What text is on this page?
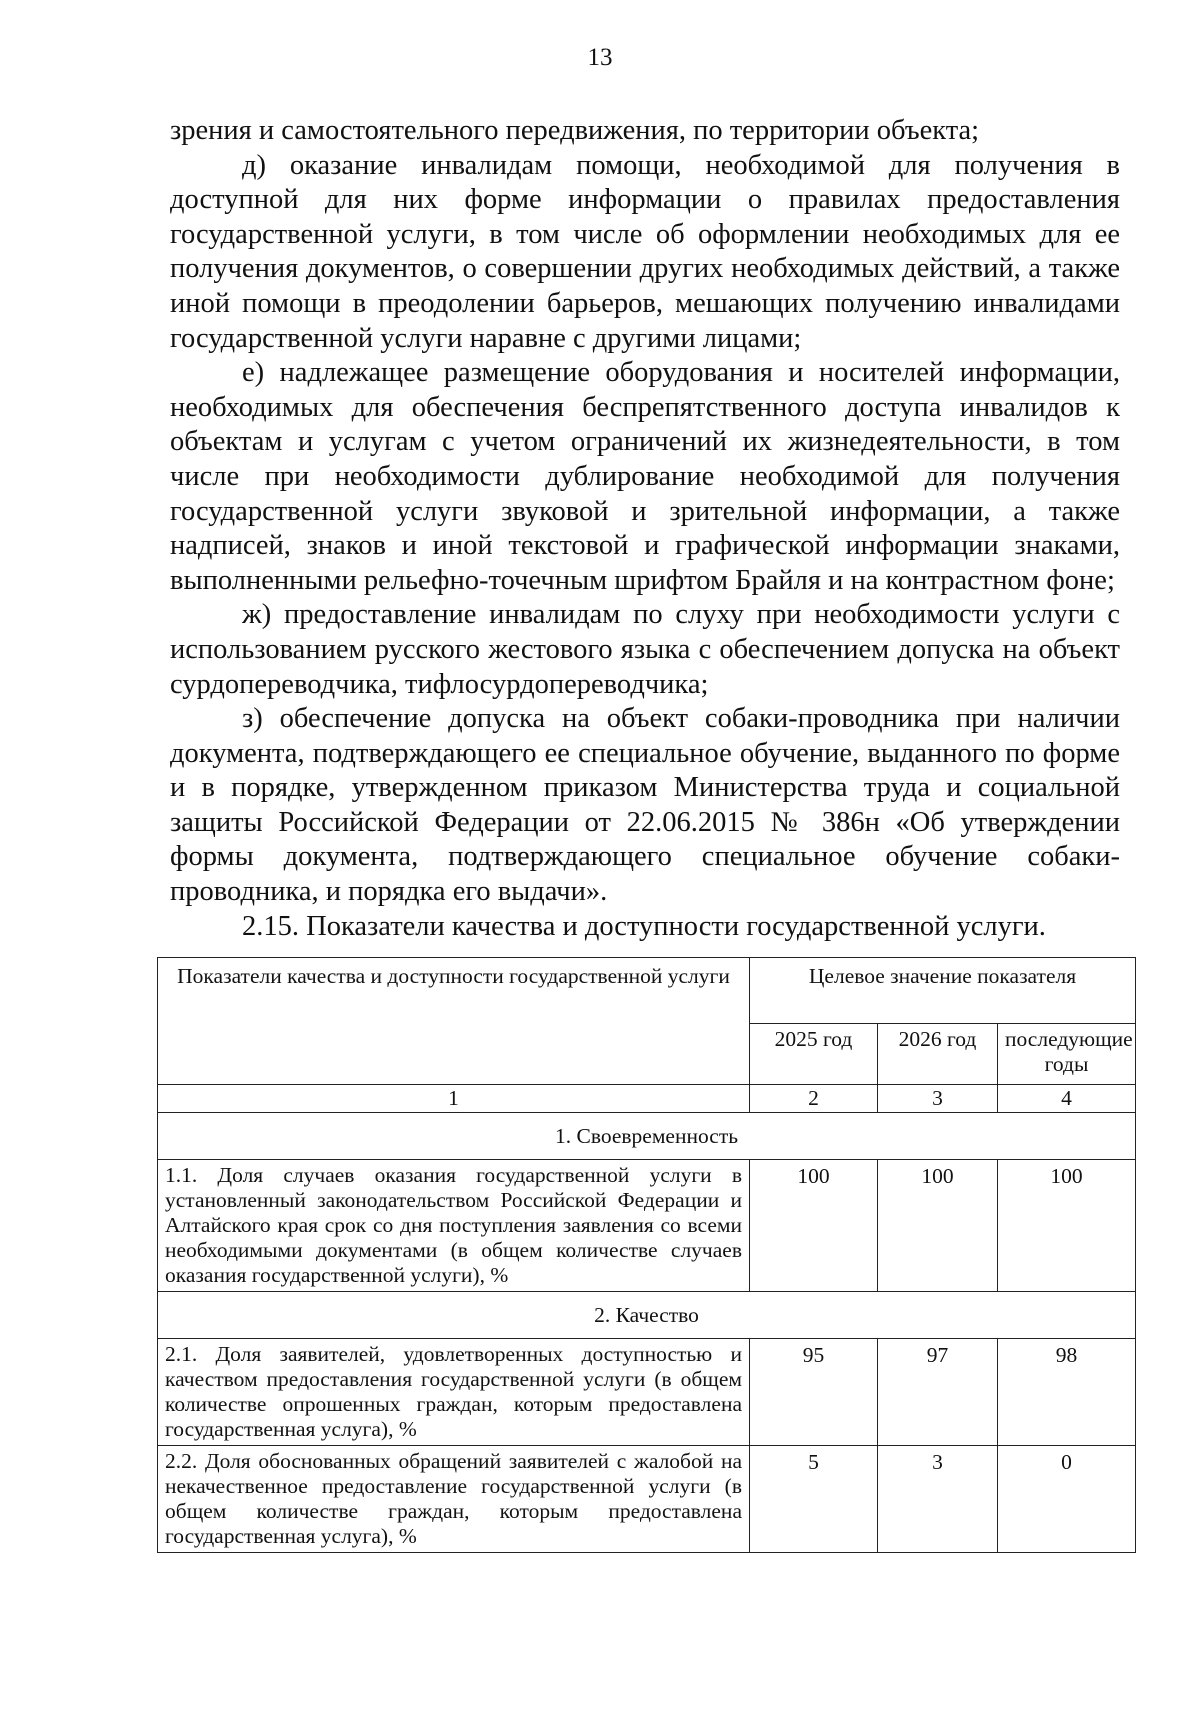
13

зрения и самостоятельного передвижения, по территории объекта;

д) оказание инвалидам помощи, необходимой для получения в доступной для них форме информации о правилах предоставления государственной услуги, в том числе об оформлении необходимых для ее получения документов, о совершении других необходимых действий, а также иной помощи в преодолении барьеров, мешающих получению инвалидами государственной услуги наравне с другими лицами;

е) надлежащее размещение оборудования и носителей информации, необходимых для обеспечения беспрепятственного доступа инвалидов к объектам и услугам с учетом ограничений их жизнедеятельности, в том числе при необходимости дублирование необходимой для получения государственной услуги звуковой и зрительной информации, а также надписей, знаков и иной текстовой и графической информации знаками, выполненными рельефно-точечным шрифтом Брайля и на контрастном фоне;

ж) предоставление инвалидам по слуху при необходимости услуги с использованием русского жестового языка с обеспечением допуска на объект сурдопереводчика, тифлосурдопереводчика;

з) обеспечение допуска на объект собаки-проводника при наличии документа, подтверждающего ее специальное обучение, выданного по форме и в порядке, утвержденном приказом Министерства труда и социальной защиты Российской Федерации от 22.06.2015 № 386н «Об утверждении формы документа, подтверждающего специальное обучение собаки-проводника, и порядка его выдачи».

2.15. Показатели качества и доступности государственной услуги.

Показатели качества и доступности государственной услуги	Целевое значение показателя		
	2025 год	2026 год	последующие годы
1	2	3	4
1. Своевременность			
1.1. Доля случаев оказания государственной услуги в установленный законодательством Российской Федерации и Алтайского края срок со дня поступления заявления со всеми необходимыми документами (в общем количестве случаев оказания государственной услуги), %	100	100	100
2. Качество			
2.1. Доля заявителей, удовлетворенных доступностью и качеством предоставления государственной услуги (в общем количестве опрошенных граждан, которым предоставлена государственная услуга), %	95	97	98
2.2. Доля обоснованных обращений заявителей с жалобой на некачественное предоставление государственной услуги (в общем количестве граждан, которым предоставлена государственная услуга), %	5	3	0
